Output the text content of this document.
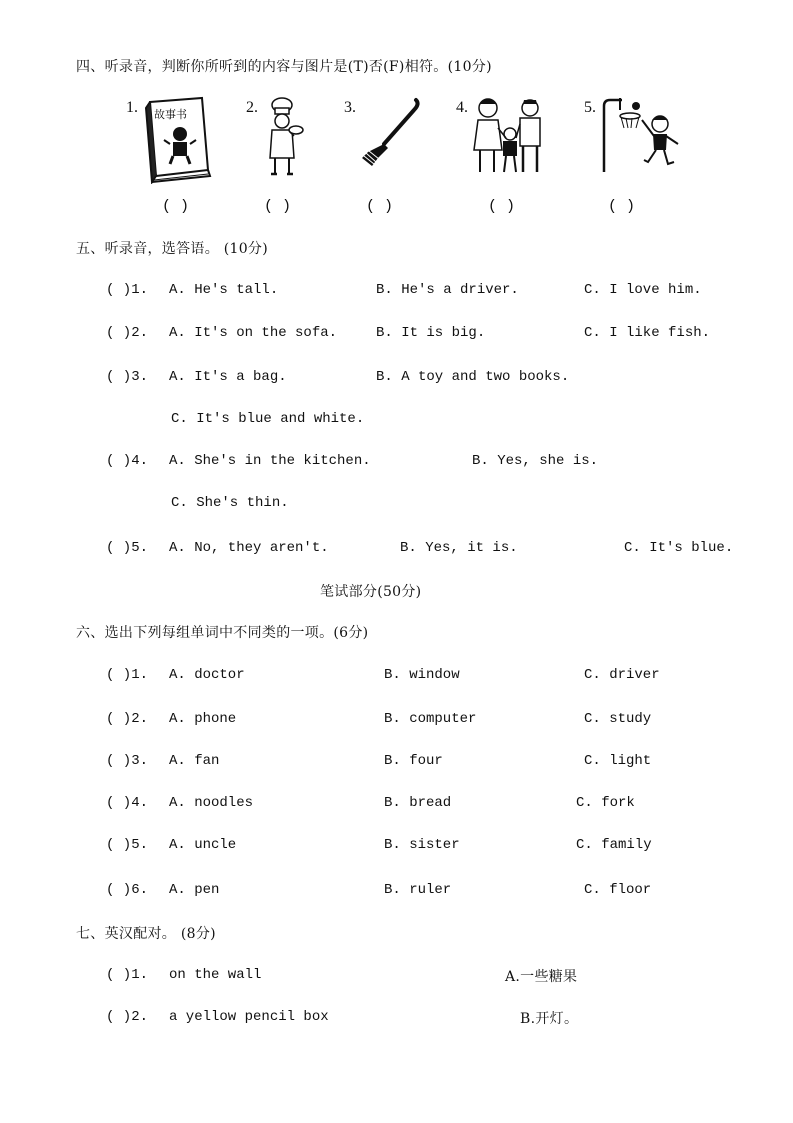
四、听录音，判断你所听到的内容与图片是(T)否(F)相符。(10分)
1.	2.	3.	4.	5.
故事书
( )	( )	( )	( )	( )
五、听录音，选答语。 (10分)
( )1. A. He's tall.	B. He's a driver.	C. I love him.
( )2. A. It's on the sofa.	B. It is big.	C. I like fish.
( )3. A. It's a bag.	B. A toy and two books.
C. It's blue and white.
( )4. A. She's in the kitchen.	B. Yes, she is.
C. She's thin.
( )5. A. No, they aren't.	B. Yes, it is.	C. It's blue.
笔试部分(50分)
六、选出下列每组单词中不同类的一项。(6分)
( )1. A. doctor	B. window	C. driver
( )2. A. phone	B. computer	C. study
( )3. A. fan	B. four	C. light
( )4. A. noodles	B. bread	C. fork
( )5. A. uncle	B. sister	C. family
( )6. A. pen	B. ruler	C. floor
七、英汉配对。 (8分)
( )1. on the wall	A.一些糖果
( )2. a yellow pencil box	B.开灯。
